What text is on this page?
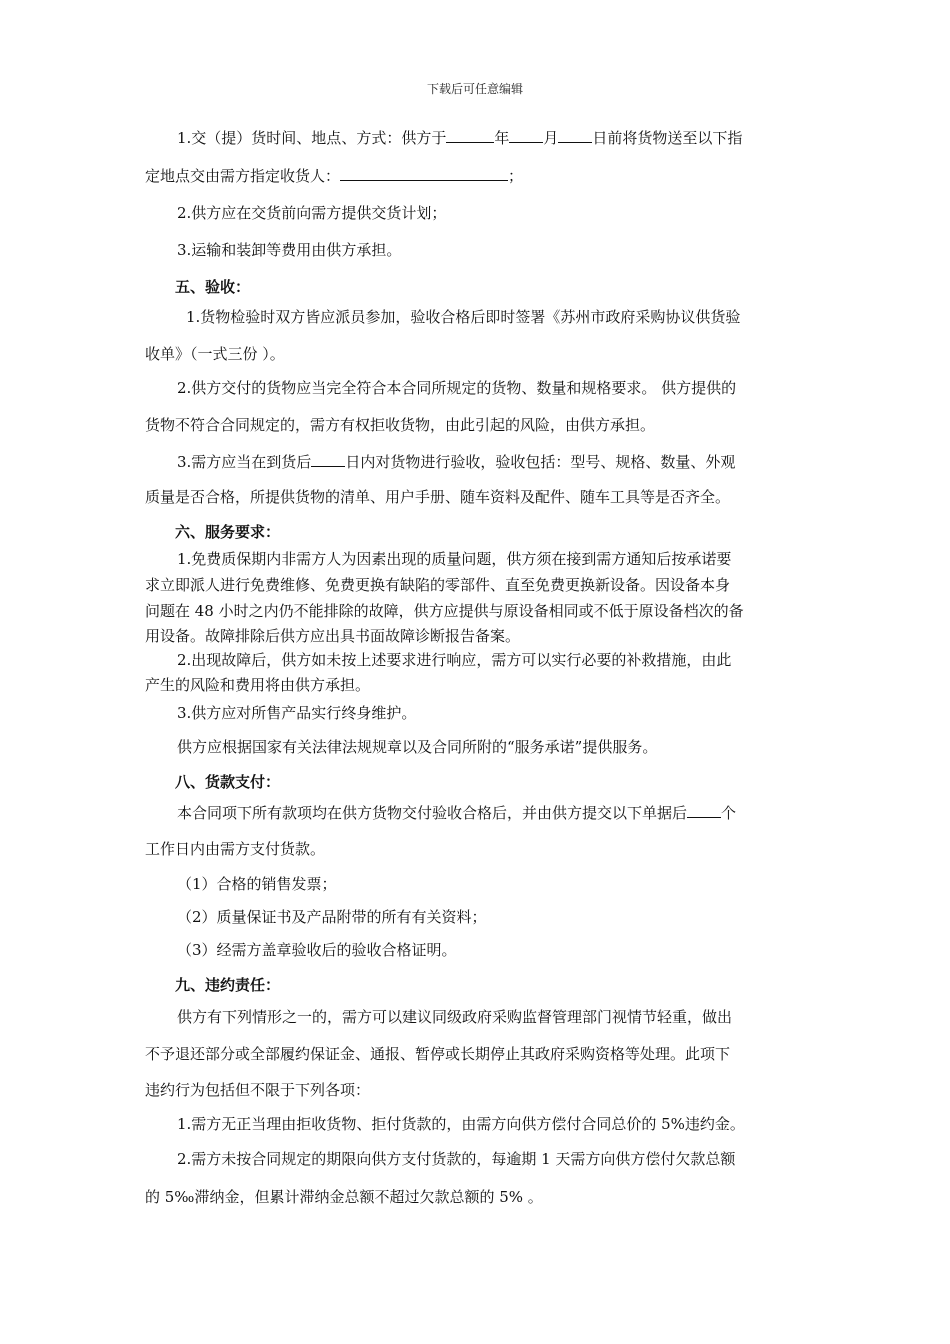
下载后可任意编辑
1.交（提）货时间、地点、方式：供方于	年 月 日前将货物送至以下指
定地点交由需方指定收货人：	；
2.供方应在交货前向需方提供交货计划；
3.运输和装卸等费用由供方承担。
五、验收：
1.货物检验时双方皆应派员参加，验收合格后即时签署《苏州市政府采购协议供货验
收单》（一式三份 ）。
2.供方交付的货物应当完全符合本合同所规定的货物、数量和规格要求。 供方提供的
货物不符合合同规定的，需方有权拒收货物，由此引起的风险，由供方承担。
3.需方应当在到货后 日内对货物进行验收，验收包括：型号、规格、数量、外观
质量是否合格，所提供货物的清单、用户手册、随车资料及配件、随车工具等是否齐全。
六、服务要求：
1.免费质保期内非需方人为因素出现的质量问题，供方须在接到需方通知后按承诺要
求立即派人进行免费维修、免费更换有缺陷的零部件、直至免费更换新设备。因设备本身
问题在 48 小时之内仍不能排除的故障，供方应提供与原设备相同或不低于原设备档次的备
用设备。故障排除后供方应出具书面故障诊断报告备案。
2.出现故障后，供方如未按上述要求进行响应，需方可以实行必要的补救措施，由此
产生的风险和费用将由供方承担。
3.供方应对所售产品实行终身维护。
供方应根据国家有关法律法规规章以及合同所附的“服务承诺”提供服务。
八、货款支付：
本合同项下所有款项均在供方货物交付验收合格后，并由供方提交以下单据后 个
工作日内由需方支付货款。
（1）合格的销售发票；
（2）质量保证书及产品附带的所有有关资料；
（3）经需方盖章验收后的验收合格证明。
九、违约责任：
供方有下列情形之一的，需方可以建议同级政府采购监督管理部门视情节轻重，做出
不予退还部分或全部履约保证金、通报、暂停或长期停止其政府采购资格等处理。此项下
违约行为包括但不限于下列各项：
1.需方无正当理由拒收货物、拒付货款的，由需方向供方偿付合同总价的 5%违约金。
2.需方未按合同规定的期限向供方支付货款的，每逾期 1 天需方向供方偿付欠款总额
的 5‰滞纳金，但累计滞纳金总额不超过欠款总额的 5% 。
